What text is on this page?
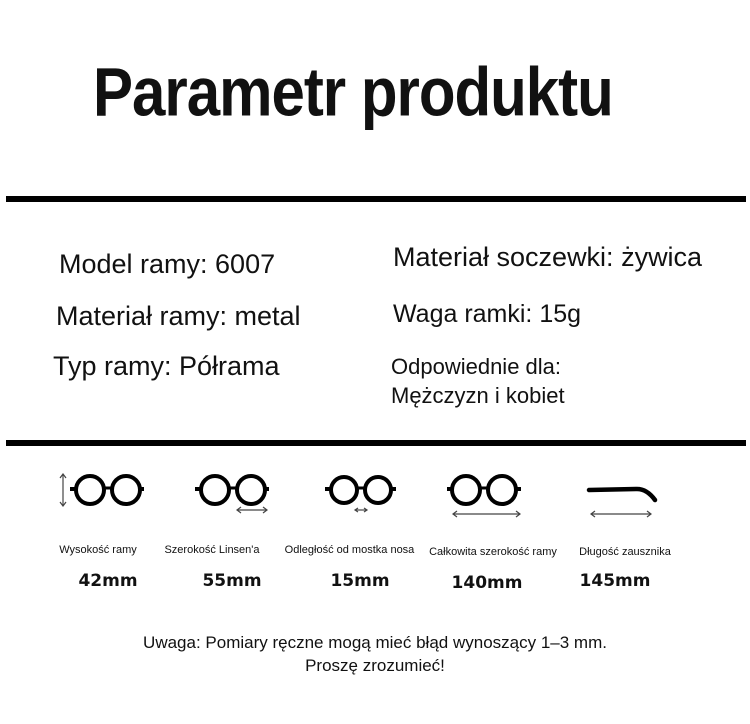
Parametr produktu
Model ramy: 6007
Materiał ramy: metal
Typ ramy: Półrama
Materiał soczewki: żywica
Waga ramki: 15g
Odpowiednie dla:
Mężczyzn i kobiet
Wysokość ramy	Szerokość Linsen'a	Odległość od mostka nosa	Całkowita szerokość ramy	Długość zausznika
42mm	55mm	15mm	140mm	145mm
Uwaga: Pomiary ręczne mogą mieć błąd wynoszący 1–3 mm.
Proszę zrozumieć!
